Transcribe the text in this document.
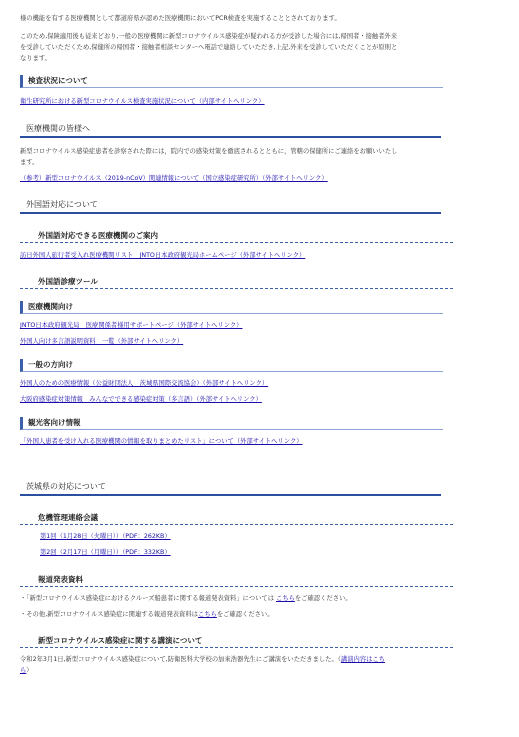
様の機能を有する医療機関として都道府県が認めた医療機関においてPCR検査を実施することとされております。

このため,保険適用後も従来どおり,一般の医療機関に新型コロナウイルス感染症が疑われる方が受診した場合には,帰国者・接触者外来

を受診していただくため,保健所の帰国者・接触者相談センターへ電話で連絡していただき,上記,外来を受診していただくことが原則と

なります。

検査状況について
衛生研究所における新型コロナウイルス検査実施状況について（内部サイトへリンク）
医療機関の皆様へ

新型コロナウイルス感染症患者を診察された際には，院内での感染対策を徹底されるとともに，管轄の保健所にご連絡をお願いいたし

ます。

（参考）新型コロナウイルス（2019-nCoV）関連情報について（国立感染症研究所）（外部サイトへリンク）
外国語対応について
外国語対応できる医療機関のご案内
訪日外国人旅行者受入れ医療機関リスト　JNTO日本政府観光局ホームページ（外部サイトへリンク）
外国語診療ツール
医療機関向け
JNTO日本政府観光局　医療関係者様用サポートページ（外部サイトへリンク）
外国人向け多言語説明資料　一覧（外部サイトへリンク）
一般の方向け
外国人のための医療情報（公益財団法人　茨城県国際交流協会）（外部サイトへリンク）
大阪府感染症対策情報　みんなでできる感染症対策（多言語）（外部サイトへリンク）
観光客向け情報
「外国人患者を受け入れる医療機関の情報を取りまとめたリスト」について（外部サイトへリンク）
茨城県の対応について
危機管理連絡会議
第1回（1月28日（火曜日））（PDF：262KB）
第2回（2月17日（月曜日））（PDF：332KB）
報道発表資料

・「新型コロナウイルス感染症におけるクルーズ船患者に関する報道発表資料」については こちらをご確認ください。

・その他,新型コロナウイルス感染症に関連する報道発表資料はこちらをご確認ください。

新型コロナウイルス感染症に関する講演について

令和2年3月1日,新型コロナウイルス感染症について,防衛医科大学校の加來浩器先生にご講演をいただきました。（講演内容はこち

ら）
